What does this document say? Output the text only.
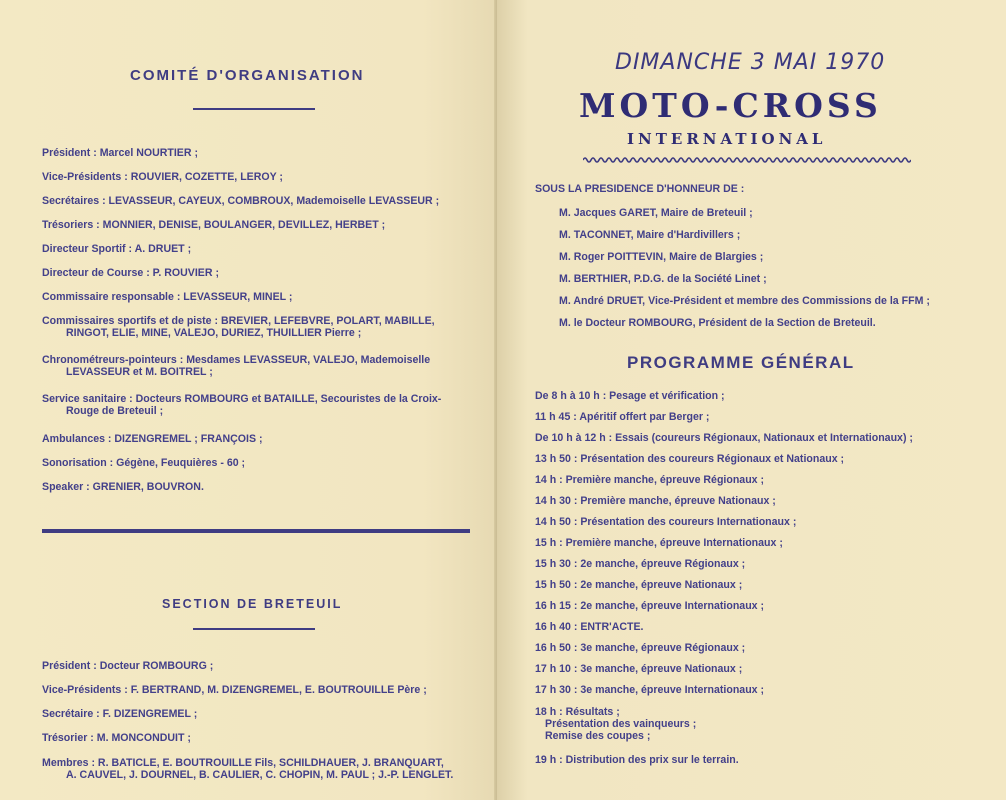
COMITÉ D'ORGANISATION
Président : Marcel NOURTIER ;
Vice-Présidents : ROUVIER, COZETTE, LEROY ;
Secrétaires : LEVASSEUR, CAYEUX, COMBROUX, Mademoiselle LEVASSEUR ;
Trésoriers : MONNIER, DENISE, BOULANGER, DEVILLEZ, HERBET ;
Directeur Sportif : A. DRUET ;
Directeur de Course : P. ROUVIER ;
Commissaire responsable : LEVASSEUR, MINEL ;
Commissaires sportifs et de piste : BREVIER, LEFEBVRE, POLART, MABILLE,
RINGOT, ELIE, MINE, VALEJO, DURIEZ, THUILLIER Pierre ;
Chronométreurs-pointeurs : Mesdames LEVASSEUR, VALEJO, Mademoiselle
LEVASSEUR et M. BOITREL ;
Service sanitaire : Docteurs ROMBOURG et BATAILLE, Secouristes de la Croix-
Rouge de Breteuil ;
Ambulances : DIZENGREMEL ; FRANÇOIS ;
Sonorisation : Gégène, Feuquières - 60 ;
Speaker : GRENIER, BOUVRON.
SECTION DE BRETEUIL
Président : Docteur ROMBOURG ;
Vice-Présidents : F. BERTRAND, M. DIZENGREMEL, E. BOUTROUILLE Père ;
Secrétaire : F. DIZENGREMEL ;
Trésorier : M. MONCONDUIT ;
Membres : R. BATICLE, E. BOUTROUILLE Fils, SCHILDHAUER, J. BRANQUART,
A. CAUVEL, J. DOURNEL, B. CAULIER, C. CHOPIN, M. PAUL ; J.-P. LENGLET.
DIMANCHE 3 MAI 1970
MOTO-CROSS
INTERNATIONAL
SOUS LA PRESIDENCE D'HONNEUR DE :
M. Jacques GARET, Maire de Breteuil ;
M. TACONNET, Maire d'Hardivillers ;
M. Roger POITTEVIN, Maire de Blargies ;
M. BERTHIER, P.D.G. de la Société Linet ;
M. André DRUET, Vice-Président et membre des Commissions de la FFM ;
M. le Docteur ROMBOURG, Président de la Section de Breteuil.
PROGRAMME GÉNÉRAL
De 8 h à 10 h : Pesage et vérification ;
11 h 45 : Apéritif offert par Berger ;
De 10 h à 12 h : Essais (coureurs Régionaux, Nationaux et Internationaux) ;
13 h 50 : Présentation des coureurs Régionaux et Nationaux ;
14 h : Première manche, épreuve Régionaux ;
14 h 30 : Première manche, épreuve Nationaux ;
14 h 50 : Présentation des coureurs Internationaux ;
15 h : Première manche, épreuve Internationaux ;
15 h 30 : 2e manche, épreuve Régionaux ;
15 h 50 : 2e manche, épreuve Nationaux ;
16 h 15 : 2e manche, épreuve Internationaux ;
16 h 40 : ENTR'ACTE.
16 h 50 : 3e manche, épreuve Régionaux ;
17 h 10 : 3e manche, épreuve Nationaux ;
17 h 30 : 3e manche, épreuve Internationaux ;
18 h : Résultats ;
Présentation des vainqueurs ;
Remise des coupes ;
19 h : Distribution des prix sur le terrain.
